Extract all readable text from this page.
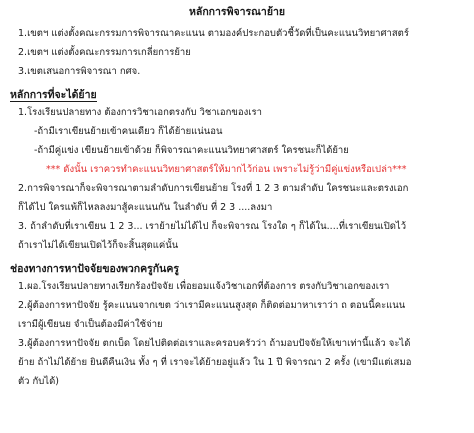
หลักการพิจารณาย้าย
1.เขตฯ แต่งตั้งคณะกรรมการพิจารณาคะแนน ตามองค์ประกอบตัวชี้วัดที่เป็นคะแนนวิทยาศาสตร์
2.เขตฯ แต่งตั้งคณะกรรมการเกลี่ยการย้าย
3.เขตเสนอการพิจารณา กศจ.
หลักการที่จะได้ย้าย
1.โรงเรียนปลายทาง ต้องการวิชาเอกตรงกับ วิชาเอกของเรา
-ถ้ามีเราเขียนย้ายเข้าคนเดียว ก็ได้ย้ายแน่นอน
-ถ้ามีคู่แข่ง เขียนย้ายเข้าด้วย ก็พิจารณาคะแนนวิทยาศาสตร์ ใครชนะก็ได้ย้าย
*** ดังนั้น เราควรทำคะแนนวิทยาศาสตร์ให้มากไว้ก่อน เพราะไม่รู้ว่ามีคู่แข่งหรือเปล่า***
2.การพิจารณาก็จะพิจารณาตามลำดับการเขียนย้าย โรงที่ 1 2 3 ตามลำดับ ใครชนะและตรงเอก
ก็ได้ไป ใครแพ้ก็ไหลลงมาสู้คะแนนกัน ในลำดับ ที่ 2 3 ....ลงมา
3. ถ้าลำดับที่เราเขียน 1 2 3... เราย้ายไม่ได้ไป ก็จะพิจารณ โรงใด ๆ ก็ได้ใน....ที่เราเขียนเปิดไว้
ถ้าเราไม่ได้เขียนเปิดไว้ก็จะสิ้นสุดแค่นั้น
ช่องทางการหาปัจจัยของพวกครูกันครู
1.ผอ.โรงเรียนปลายทางเรียกร้องปัจจัย เพื่อยอมแจ้งวิชาเอกที่ต้องการ ตรงกับวิชาเอกของเรา
2.ผู้ต้องการหาปัจจัย รู้คะแนนจากเขต ว่าเรามีคะแนนสูงสุด ก็ติดต่อมาหาเราว่า ถ ตอนนี้คะแนน
เรามีผู้เขียนย จำเป็นต้องมีค่าใช้จ่าย
3.ผู้ต้องการหาปัจจัย ตกเบ็ด โดยไปติดต่อเราและครอบครัวว่า ถ้ามอบปัจจัยให้เขาเท่านี้แล้ว จะได้
ย้าย ถ้าไม่ได้ย้าย ยินดีคืนเงิน ทั้ง ๆ ที่ เราจะได้ย้ายอยู่แล้ว ใน 1 ปี พิจารณา 2 ครั้ง (เขามีแต่เสมอ
ตัว กับได้)
